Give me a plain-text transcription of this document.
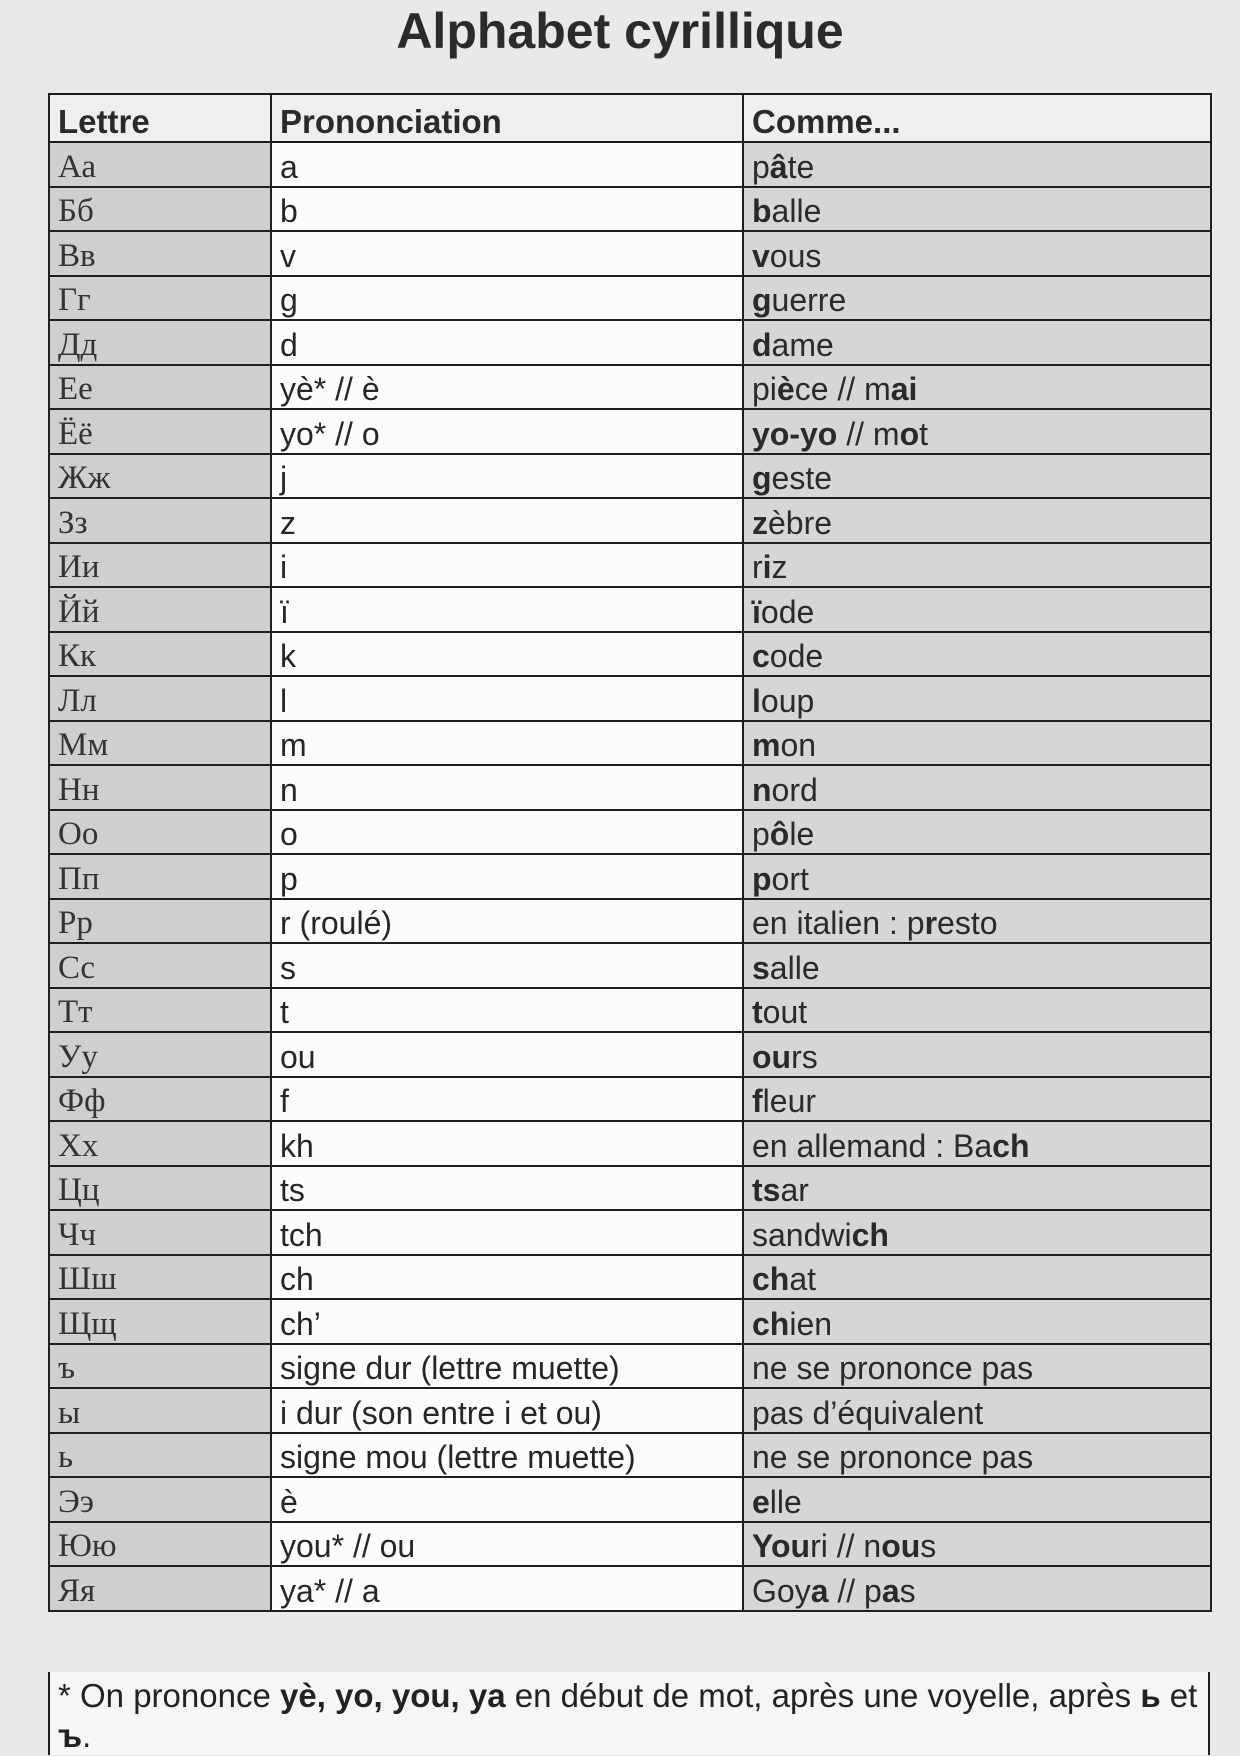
Alphabet cyrillique
Lettre	Prononciation	Comme...
Аа	a	pâte
Бб	b	balle
Вв	v	vous
Гг	g	guerre
Дд	d	dame
Ее	yè* // è	pièce // mai
Ёё	yo* // o	yo-yo // mot
Жж	j	geste
Зз	z	zèbre
Ии	i	riz
Йй	ï	ïode
Кк	k	code
Лл	l	loup
Мм	m	mon
Нн	n	nord
Оо	o	pôle
Пп	p	port
Рр	r (roulé)	en italien : presto
Сс	s	salle
Тт	t	tout
Уу	ou	ours
Фф	f	fleur
Хх	kh	en allemand : Bach
Цц	ts	tsar
Чч	tch	sandwich
Шш	ch	chat
Щщ	ch’	chien
ъ	signe dur (lettre muette)	ne se prononce pas
ы	i dur (son entre i et ou)	pas d’équivalent
ь	signe mou (lettre muette)	ne se prononce pas
Ээ	è	elle
Юю	you* // ou	Youri // nous
Яя	ya* // a	Goya // pas
* On prononce yè, yo, you, ya en début de mot, après une voyelle, après ь et ъ.
